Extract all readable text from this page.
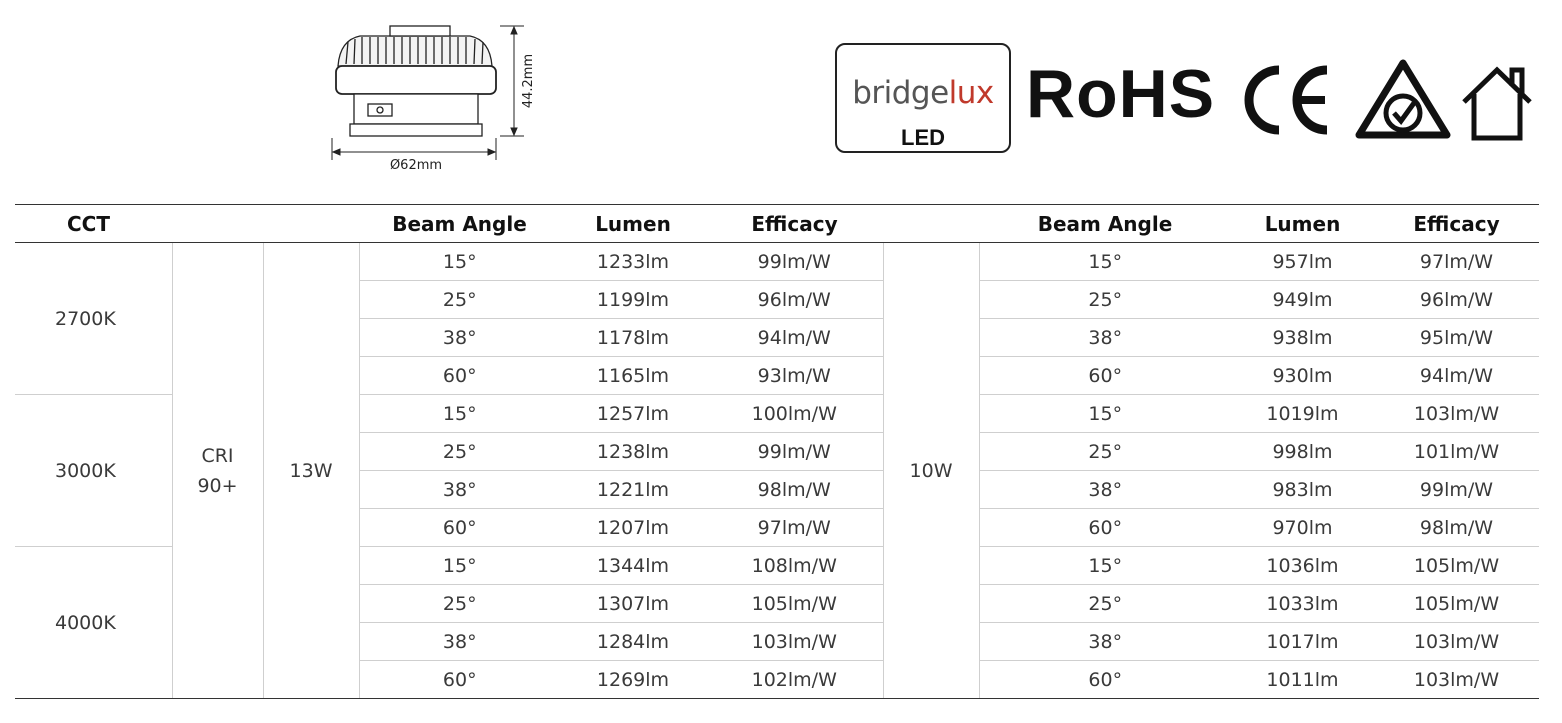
44.2mm
Ø62mm
bridgelux
LED
RoHS
CCT			Beam Angle	Lumen	Efficacy		Beam Angle	Lumen	Efficacy
2700K	CRI 90+	13W	15°	1233lm	99lm/W	10W	15°	957lm	97lm/W
			25°	1199lm	96lm/W		25°	949lm	96lm/W
			38°	1178lm	94lm/W		38°	938lm	95lm/W
			60°	1165lm	93lm/W		60°	930lm	94lm/W
3000K			15°	1257lm	100lm/W		15°	1019lm	103lm/W
			25°	1238lm	99lm/W		25°	998lm	101lm/W
			38°	1221lm	98lm/W		38°	983lm	99lm/W
			60°	1207lm	97lm/W		60°	970lm	98lm/W
4000K			15°	1344lm	108lm/W		15°	1036lm	105lm/W
			25°	1307lm	105lm/W		25°	1033lm	105lm/W
			38°	1284lm	103lm/W		38°	1017lm	103lm/W
			60°	1269lm	102lm/W		60°	1011lm	103lm/W
